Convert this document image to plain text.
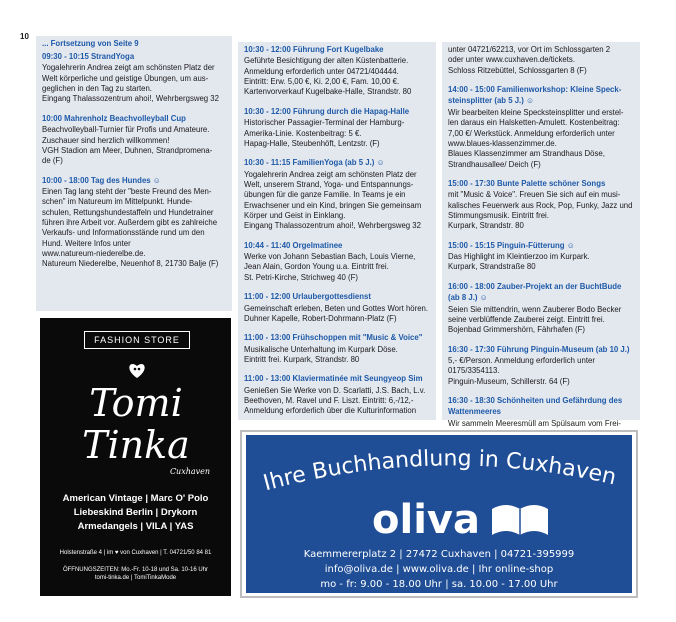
10
... Fortsetzung von Seite 9
09:30 - 10:15 StrandYoga
Yogalehrerin Andrea zeigt am schönsten Platz der
Welt körperliche und geistige Übungen, um aus-
geglichen in den Tag zu starten.
Eingang Thalassozentrum ahoi!, Wehrbergsweg 32
10:00 Mahrenholz Beachvolleyball Cup
Beachvolleyball-Turnier für Profis und Amateure.
Zuschauer sind herzlich willkommen!
VGH Stadion am Meer, Duhnen, Strandpromena-
de (F)
10:00 - 18:00 Tag des Hundes ☺
Einen Tag lang steht der "beste Freund des Men-
schen" im Natureum im Mittelpunkt. Hunde-
schulen, Rettungshundestaffeln und Hundetrainer
führen ihre Arbeit vor. Außerdem gibt es zahlreiche
Verkaufs- und Informationsstände rund um den
Hund. Weitere Infos unter
www.natureum-niederelbe.de.
Natureum Niederelbe, Neuenhof 8, 21730 Balje (F)
10:30 - 12:00 Führung Fort Kugelbake
Geführte Besichtigung der alten Küstenbatterie.
Anmeldung erforderlich unter 04721/404444.
Eintritt: Erw. 5,00 €, Ki. 2,00 €, Fam. 10,00 €.
Kartenvorverkauf Kugelbake-Halle, Strandstr. 80
10:30 - 12:00 Führung durch die Hapag-Halle
Historischer Passagier-Terminal der Hamburg-
Amerika-Linie. Kostenbeitrag: 5 €.
Hapag-Halle, Steubenhöft, Lentzstr. (F)
10:30 - 11:15 FamilienYoga (ab 5 J.) ☺
Yogalehrerin Andrea zeigt am schönsten Platz der
Welt, unserem Strand, Yoga- und Entspannungs-
übungen für die ganze Familie. In Teams je ein
Erwachsener und ein Kind, bringen Sie gemeinsam
Körper und Geist in Einklang.
Eingang Thalassozentrum ahoi!, Wehrbergsweg 32
10:44 - 11:40 Orgelmatinee
Werke von Johann Sebastian Bach, Louis Vierne,
Jean Alain, Gordon Young u.a. Eintritt frei.
St. Petri-Kirche, Strichweg 40 (F)
11:00 - 12:00 Urlaubergottesdienst
Gemeinschaft erleben, Beten und Gottes Wort hören.
Duhner Kapelle, Robert-Dohrmann-Platz (F)
11:00 - 13:00 Frühschoppen mit "Music & Voice"
Musikalische Unterhaltung im Kurpark Döse.
Eintritt frei. Kurpark, Strandstr. 80
11:00 - 13:00 Klaviermatinée mit Seungyeop Sim
Genießen Sie Werke von D. Scarlatti, J.S. Bach, L.v.
Beethoven, M. Ravel und F. Liszt. Eintritt: 6,-/12,-
Anmeldung erforderlich über die Kulturinformation
unter 04721/62213, vor Ort im Schlossgarten 2
oder unter www.cuxhaven.de/tickets.
Schloss Ritzebüttel, Schlossgarten 8 (F)
14:00 - 15:00 Familienworkshop: Kleine Speck-
steinsplitter (ab 5 J.) ☺
Wir bearbeiten kleine Specksteinsplitter und erstel-
len daraus ein Halsketten-Amulett. Kostenbeitrag:
7,00 €/ Werkstück. Anmeldung erforderlich unter
www.blaues-klassenzimmer.de.
Blaues Klassenzimmer am Strandhaus Döse,
Strandhausallee/ Deich (F)
15:00 - 17:30 Bunte Palette schöner Songs
mit "Music & Voice". Freuen Sie sich auf ein musi-
kalisches Feuerwerk aus Rock, Pop, Funky, Jazz und
Stimmungsmusik. Eintritt frei.
Kurpark, Strandstr. 80
15:00 - 15:15 Pinguin-Fütterung ☺
Das Highlight im Kleintierzoo im Kurpark.
Kurpark, Strandstraße 80
16:00 - 18:00 Zauber-Projekt an der BuchtBude
(ab 8 J.) ☺
Seien Sie mittendrin, wenn Zauberer Bodo Becker
seine verblüffende Zauberei zeigt. Eintritt frei.
Bojenbad Grimmershörn, Fährhafen (F)
16:30 - 17:30 Führung Pinguin-Museum (ab 10 J.)
5,- €/Person. Anmeldung erforderlich unter
0175/3354113.
Pinguin-Museum, Schillerstr. 64 (F)
16:30 - 18:30 Schönheiten und Gefährdung des
Wattenmeeres
Wir sammeln Meeresmüll am Spülsaum vom Frei-
FASHION STORE
Tomi
Tinka
Cuxhaven
American Vintage | Marc O' Polo
Liebeskind Berlin | Drykorn
Armedangels | VILA | YAS
Holstenstraße 4 | im ♥ von Cuxhaven | T. 04721/50 84 81
ÖFFNUNGSZEITEN: Mo.-Fr. 10-18 und Sa. 10-16 Uhr
tomi-tinka.de | TomiTinkaMode
Ihre Buchhandlung in Cuxhaven
oliva
Kaemmererplatz 2 | 27472 Cuxhaven | 04721-395999
info@oliva.de | www.oliva.de | Ihr online-shop
mo - fr: 9.00 - 18.00 Uhr | sa. 10.00 - 17.00 Uhr
